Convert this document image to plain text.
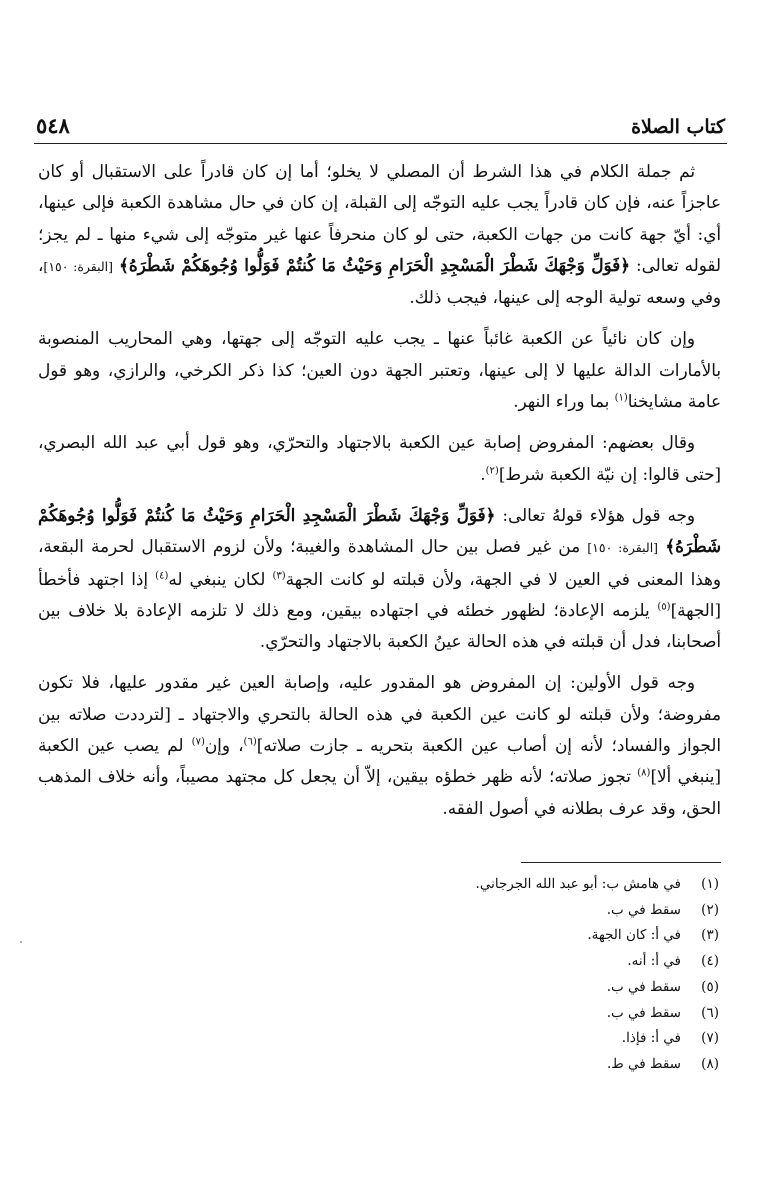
كتاب الصلاة
٥٤٨

ثم جملة الكلام في هذا الشرط أن المصلي لا يخلو؛ أما إن كان قادراً على الاستقبال أو كان عاجزاً عنه، فإن كان قادراً يجب عليه التوجّه إلى القبلة، إن كان في حال مشاهدة الكعبة فإلى عينها، أي: أيّ جهة كانت من جهات الكعبة، حتى لو كان منحرفاً عنها غير متوجّه إلى شيء منها ـ لم يجز؛ لقوله تعالى: ﴿فَوَلِّ وَجْهَكَ شَطْرَ الْمَسْجِدِ الْحَرَامِ وَحَيْثُ مَا كُنتُمْ فَوَلُّوا وُجُوهَكُمْ شَطْرَهُ﴾ [البقرة: ١٥٠]، وفي وسعه تولية الوجه إلى عينها، فيجب ذلك.

وإن كان نائياً عن الكعبة غائباً عنها ـ يجب عليه التوجّه إلى جهتها، وهي المحاريب المنصوبة بالأمارات الدالة عليها لا إلى عينها، وتعتبر الجهة دون العين؛ كذا ذكر الكرخي، والرازي، وهو قول عامة مشايخنا$^{(١)}$ بما وراء النهر.

وقال بعضهم: المفروض إصابة عين الكعبة بالاجتهاد والتحرّي، وهو قول أبي عبد الله البصري، [حتى قالوا: إن نيّة الكعبة شرط]$^{(٢)}$.

وجه قول هؤلاء قولهُ تعالى: ﴿فَوَلِّ وَجْهَكَ شَطْرَ الْمَسْجِدِ الْحَرَامِ وَحَيْثُ مَا كُنتُمْ فَوَلُّوا وُجُوهَكُمْ شَطْرَهُ﴾ [البقرة: ١٥٠] من غير فصل بين حال المشاهدة والغيبة؛ ولأن لزوم الاستقبال لحرمة البقعة، وهذا المعنى في العين لا في الجهة، ولأن قبلته لو كانت الجهة$^{(٣)}$ لكان ينبغي له$^{(٤)}$ إذا اجتهد فأخطأ [الجهة]$^{(٥)}$ يلزمه الإعادة؛ لظهور خطئه في اجتهاده بيقين، ومع ذلك لا تلزمه الإعادة بلا خلاف بين أصحابنا، فدل أن قبلته في هذه الحالة عينُ الكعبة بالاجتهاد والتحرّي.

وجه قول الأولين: إن المفروض هو المقدور عليه، وإصابة العين غير مقدور عليها، فلا تكون مفروضة؛ ولأن قبلته لو كانت عين الكعبة في هذه الحالة بالتحري والاجتهاد ـ [لترددت صلاته بين الجواز والفساد؛ لأنه إن أصاب عين الكعبة بتحريه ـ جازت صلاته]$^{(٦)}$، وإن$^{(٧)}$ لم يصب عين الكعبة [ينبغي ألا]$^{(٨)}$ تجوز صلاته؛ لأنه ظهر خطؤه بيقين، إلاّ أن يجعل كل مجتهد مصيباً، وأنه خلاف المذهب الحق، وقد عرف بطلانه في أصول الفقه.

(١)
في هامش ب: أبو عبد الله الجرجاني.
(٢)
سقط في ب.
(٣)
في أ: كان الجهة.
(٤)
في أ: أنه.
(٥)
سقط في ب.
(٦)
سقط في ب.
(٧)
في أ: فإذا.
(٨)
سقط في ط.
